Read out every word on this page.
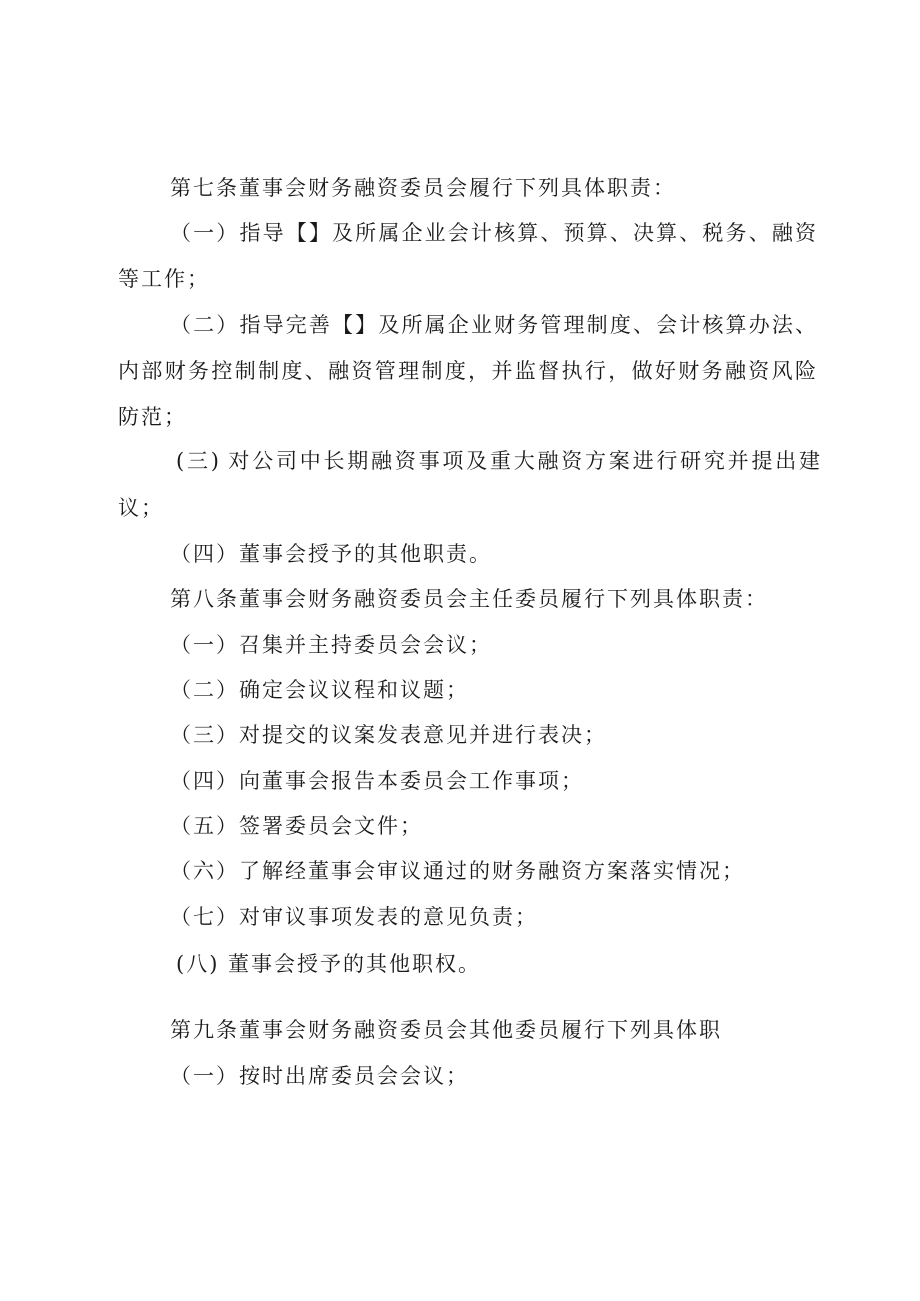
第七条董事会财务融资委员会履行下列具体职责：
（一）指导【】及所属企业会计核算、预算、决算、税务、融资
等工作；
（二）指导完善【】及所属企业财务管理制度、会计核算办法、
内部财务控制制度、融资管理制度，并监督执行，做好财务融资风险
防范；
(三) 对公司中长期融资事项及重大融资方案进行研究并提出建
议；
（四）董事会授予的其他职责。
第八条董事会财务融资委员会主任委员履行下列具体职责：
（一）召集并主持委员会会议；
（二）确定会议议程和议题；
（三）对提交的议案发表意见并进行表决；
（四）向董事会报告本委员会工作事项；
（五）签署委员会文件；
（六）了解经董事会审议通过的财务融资方案落实情况；
（七）对审议事项发表的意见负责；
(八) 董事会授予的其他职权。
第九条董事会财务融资委员会其他委员履行下列具体职
（一）按时出席委员会会议；
